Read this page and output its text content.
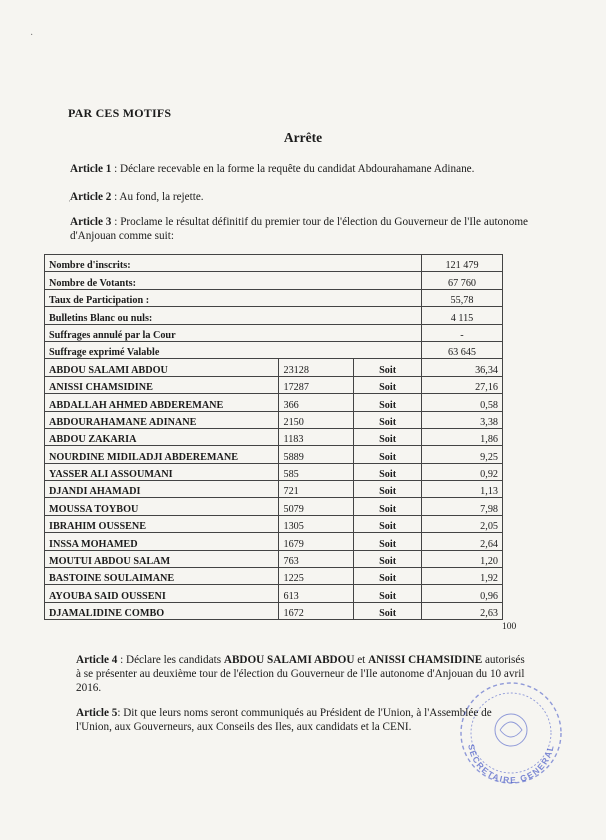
·
·
PAR CES MOTIFS
Arrête
Article 1 : Déclare recevable en la forme la requête du candidat Abdourahamane Adinane.
Article 2 : Au fond, la rejette.
Article 3 : Proclame le résultat définitif du premier tour de l'élection du Gouverneur de l'Ile autonome d'Anjouan comme suit:
Nombre d'inscrits:			121 479
Nombre de Votants:			67 760
Taux de Participation :			55,78
Bulletins Blanc ou nuls:			4 115
Suffrages annulé par la Cour			-
Suffrage exprimé Valable			63 645
ABDOU SALAMI ABDOU	23128	Soit	36,34
ANISSI CHAMSIDINE	17287	Soit	27,16
ABDALLAH AHMED ABDEREMANE	366	Soit	0,58
ABDOURAHAMANE ADINANE	2150	Soit	3,38
ABDOU ZAKARIA	1183	Soit	1,86
NOURDINE MIDILADJI ABDEREMANE	5889	Soit	9,25
YASSER ALI ASSOUMANI	585	Soit	0,92
DJANDI AHAMADI	721	Soit	1,13
MOUSSA TOYBOU	5079	Soit	7,98
IBRAHIM OUSSENE	1305	Soit	2,05
INSSA MOHAMED	1679	Soit	2,64
MOUTUI ABDOU SALAM	763	Soit	1,20
BASTOINE SOULAIMANE	1225	Soit	1,92
AYOUBA SAID OUSSENI	613	Soit	0,96
DJAMALIDINE COMBO	1672	Soit	2,63
100
Article 4 : Déclare les candidats ABDOU SALAMI ABDOU et ANISSI CHAMSIDINE autorisés à se présenter au deuxième tour de l'élection du Gouverneur de l'Ile autonome d'Anjouan du 10 avril 2016.
Article 5: Dit que leurs noms seront communiqués au Président de l'Union, à l'Assemblée de l'Union, aux Gouverneurs, aux Conseils des Iles, aux candidats et la CENI.
SECRETAIRE GENERAL
